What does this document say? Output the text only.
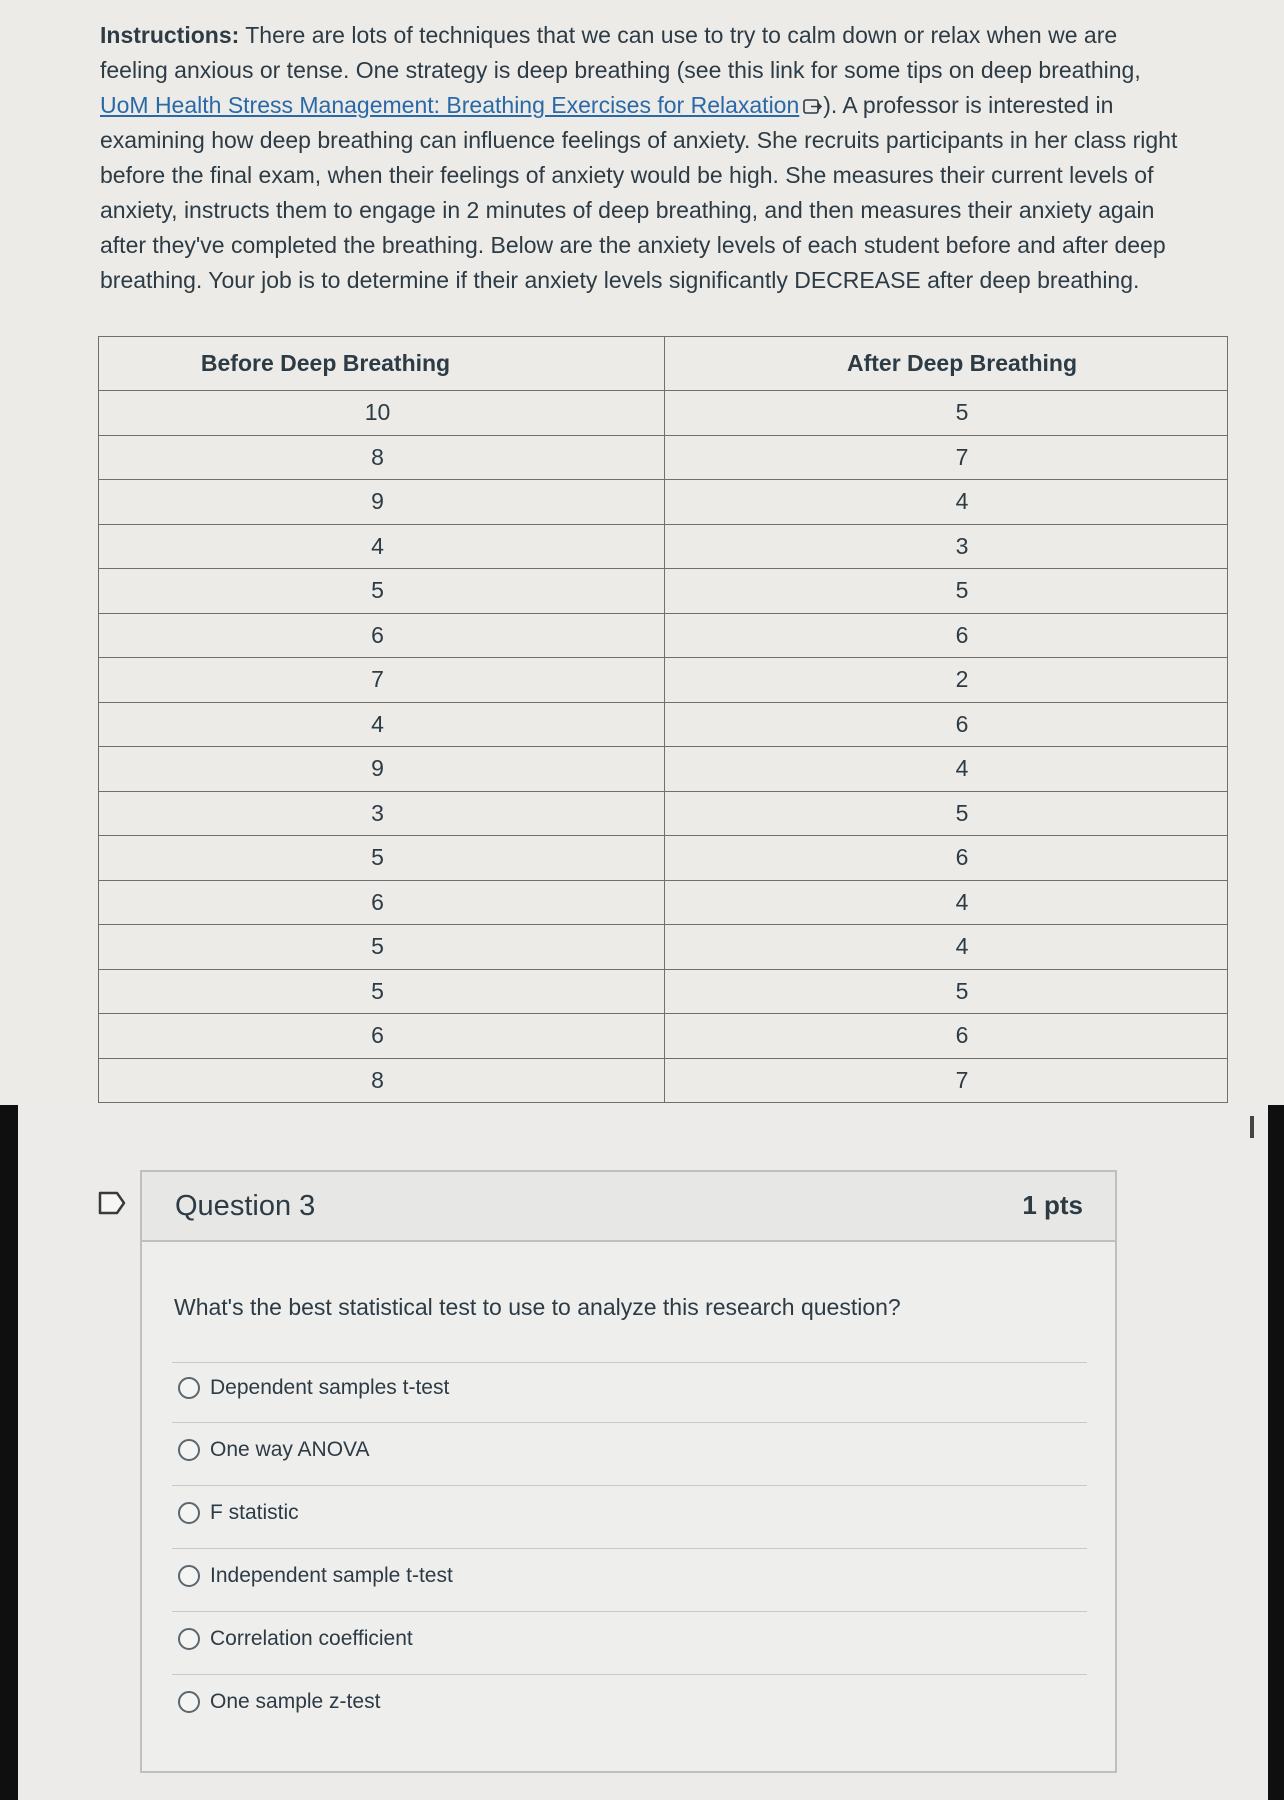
Instructions: There are lots of techniques that we can use to try to calm down or relax when we are feeling anxious or tense. One strategy is deep breathing (see this link for some tips on deep breathing, UoM Health Stress Management: Breathing Exercises for Relaxation ). A professor is interested in examining how deep breathing can influence feelings of anxiety. She recruits participants in her class right before the final exam, when their feelings of anxiety would be high. She measures their current levels of anxiety, instructs them to engage in 2 minutes of deep breathing, and then measures their anxiety again after they've completed the breathing. Below are the anxiety levels of each student before and after deep breathing. Your job is to determine if their anxiety levels significantly DECREASE after deep breathing.
Before Deep Breathing	After Deep Breathing
10	5
8	7
9	4
4	3
5	5
6	6
7	2
4	6
9	4
3	5
5	6
6	4
5	4
5	5
6	6
8	7
Question 3	1 pts
What's the best statistical test to use to analyze this research question?
Dependent samples t-test
One way ANOVA
F statistic
Independent sample t-test
Correlation coefficient
One sample z-test
